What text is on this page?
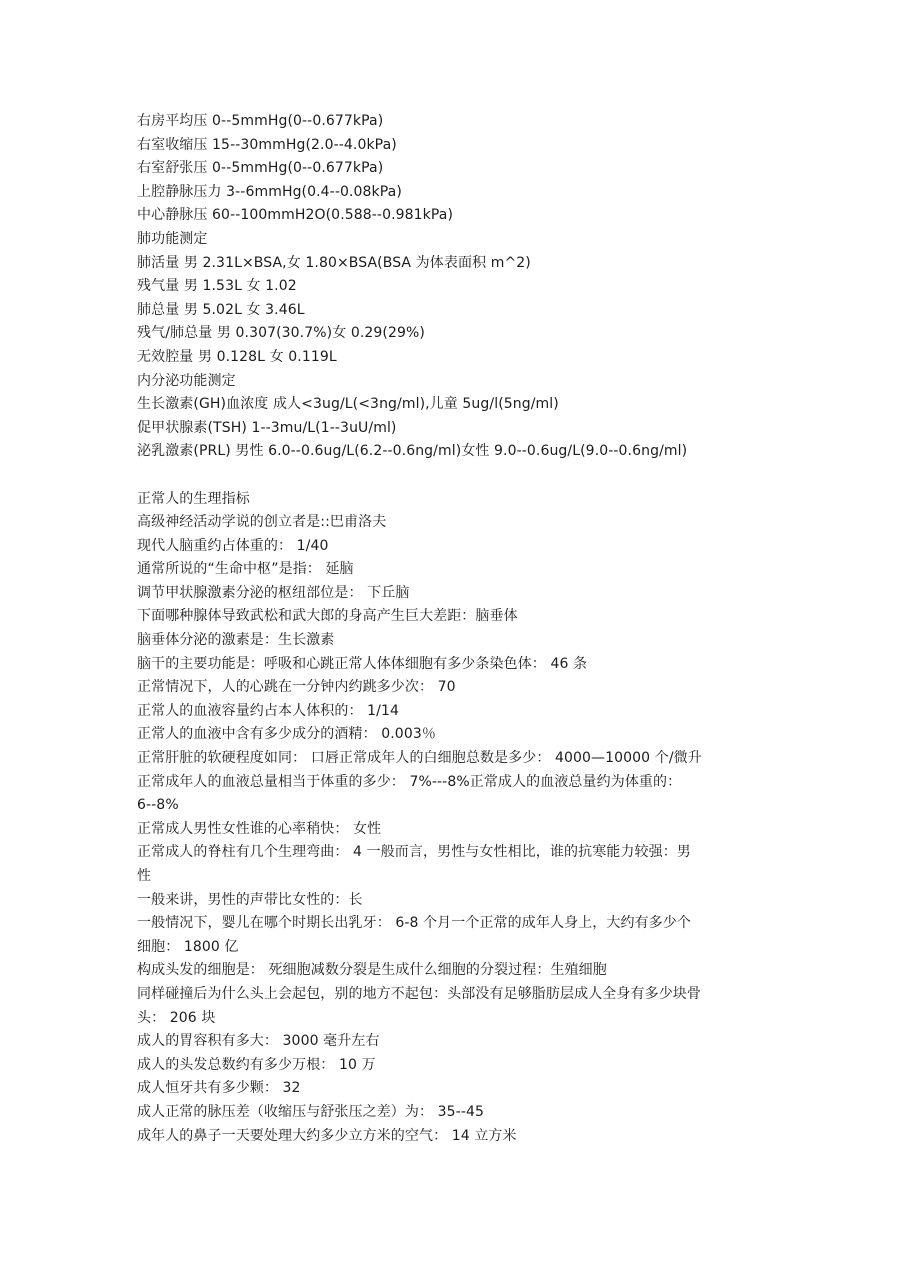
右房平均压 0--5mmHg(0--0.677kPa)
右室收缩压 15--30mmHg(2.0--4.0kPa)
右室舒张压 0--5mmHg(0--0.677kPa)
上腔静脉压力 3--6mmHg(0.4--0.08kPa)
中心静脉压 60--100mmH2O(0.588--0.981kPa)
肺功能测定
肺活量 男 2.31L×BSA,女 1.80×BSA(BSA 为体表面积 m^2)
残气量 男 1.53L 女 1.02
肺总量 男 5.02L 女 3.46L
残气/肺总量 男 0.307(30.7%)女 0.29(29%)
无效腔量 男 0.128L 女 0.119L
内分泌功能测定
生长激素(GH)血浓度 成人<3ug/L(<3ng/ml),儿童 5ug/l(5ng/ml)
促甲状腺素(TSH) 1--3mu/L(1--3uU/ml)
泌乳激素(PRL) 男性 6.0--0.6ug/L(6.2--0.6ng/ml)女性 9.0--0.6ug/L(9.0--0.6ng/ml)
正常人的生理指标
高级神经活动学说的创立者是::巴甫洛夫
现代人脑重约占体重的： 1/40
通常所说的“生命中枢”是指： 延脑
调节甲状腺激素分泌的枢纽部位是： 下丘脑
下面哪种腺体导致武松和武大郎的身高产生巨大差距：脑垂体
脑垂体分泌的激素是：生长激素
脑干的主要功能是：呼吸和心跳正常人体体细胞有多少条染色体： 46 条
正常情况下，人的心跳在一分钟内约跳多少次： 70
正常人的血液容量约占本人体积的： 1/14
正常人的血液中含有多少成分的酒精： 0.003％
正常肝脏的软硬程度如同： 口唇正常成年人的白细胞总数是多少： 4000—10000 个/微升
正常成年人的血液总量相当于体重的多少： 7%---8%正常成人的血液总量约为体重的：
6--8%
正常成人男性女性谁的心率稍快： 女性
正常成人的脊柱有几个生理弯曲： 4 一般而言，男性与女性相比，谁的抗寒能力较强：男
性
一般来讲，男性的声带比女性的：长
一般情况下，婴儿在哪个时期长出乳牙： 6-8 个月一个正常的成年人身上，大约有多少个
细胞： 1800 亿
构成头发的细胞是： 死细胞减数分裂是生成什么细胞的分裂过程：生殖细胞
同样碰撞后为什么头上会起包，别的地方不起包：头部没有足够脂肪层成人全身有多少块骨
头： 206 块
成人的胃容积有多大： 3000 毫升左右
成人的头发总数约有多少万根： 10 万
成人恒牙共有多少颗： 32
成人正常的脉压差（收缩压与舒张压之差）为： 35--45
成年人的鼻子一天要处理大约多少立方米的空气： 14 立方米
